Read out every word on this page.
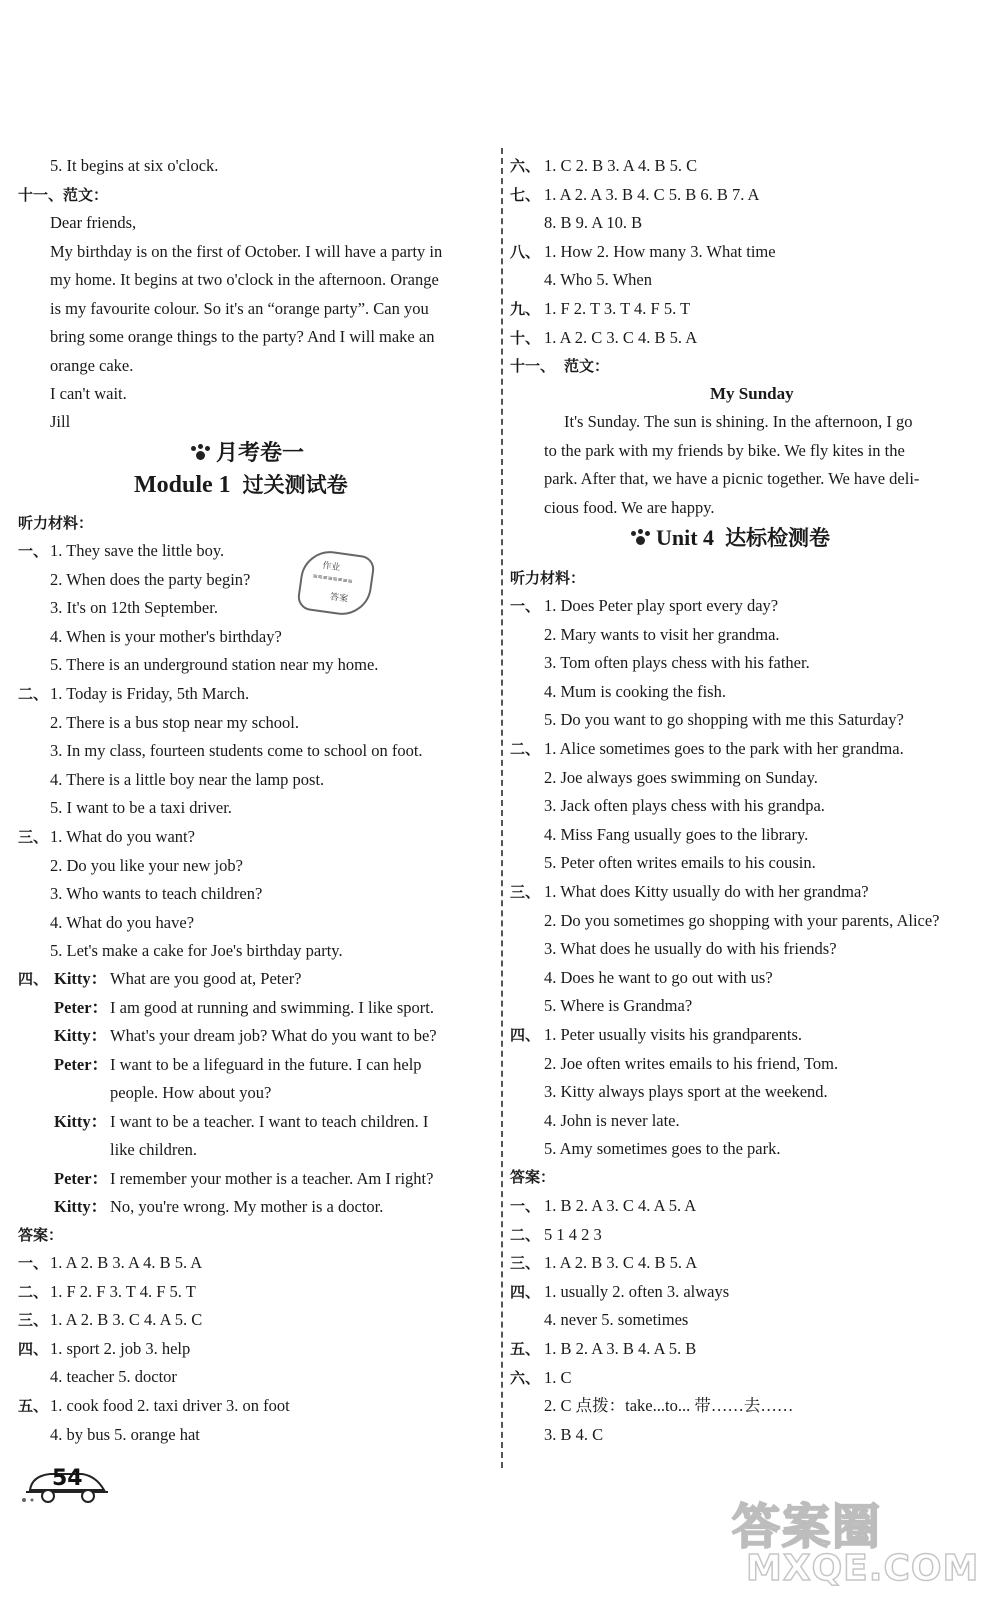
5. It begins at six o'clock.
十一、范文：
Dear friends,
My birthday is on the first of October. I will have a party in
my home. It begins at two o'clock in the afternoon. Orange
is my favourite colour. So it's an “orange party”. Can you
bring some orange things to the party? And I will make an
orange cake.
I can't wait.
Jill
月考卷一
Module 1 过关测试卷
听力材料：
一、 1. They save the little boy.
2. When does the party begin?
3. It's on 12th September.
4. When is your mother's birthday?
5. There is an underground station near my home.
二、 1. Today is Friday, 5th March.
2. There is a bus stop near my school.
3. In my class, fourteen students come to school on foot.
4. There is a little boy near the lamp post.
5. I want to be a taxi driver.
三、 1. What do you want?
2. Do you like your new job?
3. Who wants to teach children?
4. What do you have?
5. Let's make a cake for Joe's birthday party.
四、 Kitty： What are you good at, Peter?
Peter： I am good at running and swimming. I like sport.
Kitty： What's your dream job? What do you want to be?
Peter： I want to be a lifeguard in the future. I can help
people. How about you?
Kitty： I want to be a teacher. I want to teach children. I
like children.
Peter： I remember your mother is a teacher. Am I right?
Kitty： No, you're wrong. My mother is a doctor.
答案：
一、 1. A 2. B 3. A 4. B 5. A
二、 1. F 2. F 3. T 4. F 5. T
三、 1. A 2. B 3. C 4. A 5. C
四、 1. sport 2. job 3. help
4. teacher 5. doctor
五、 1. cook food 2. taxi driver 3. on foot
4. by bus 5. orange hat
作业
答案
≡≡≡≡≡≡≡≡
54
六、 1. C 2. B 3. A 4. B 5. C
七、 1. A 2. A 3. B 4. C 5. B 6. B 7. A
8. B 9. A 10. B
八、 1. How 2. How many 3. What time
4. Who 5. When
九、 1. F 2. T 3. T 4. F 5. T
十、 1. A 2. C 3. C 4. B 5. A
十一、 范文：
My Sunday
It's Sunday. The sun is shining. In the afternoon, I go
to the park with my friends by bike. We fly kites in the
park. After that, we have a picnic together. We have deli-
cious food. We are happy.
Unit 4 达标检测卷
听力材料：
一、 1. Does Peter play sport every day?
2. Mary wants to visit her grandma.
3. Tom often plays chess with his father.
4. Mum is cooking the fish.
5. Do you want to go shopping with me this Saturday?
二、 1. Alice sometimes goes to the park with her grandma.
2. Joe always goes swimming on Sunday.
3. Jack often plays chess with his grandpa.
4. Miss Fang usually goes to the library.
5. Peter often writes emails to his cousin.
三、 1. What does Kitty usually do with her grandma?
2. Do you sometimes go shopping with your parents, Alice?
3. What does he usually do with his friends?
4. Does he want to go out with us?
5. Where is Grandma?
四、 1. Peter usually visits his grandparents.
2. Joe often writes emails to his friend, Tom.
3. Kitty always plays sport at the weekend.
4. John is never late.
5. Amy sometimes goes to the park.
答案：
一、 1. B 2. A 3. C 4. A 5. A
二、 5 1 4 2 3
三、 1. A 2. B 3. C 4. B 5. A
四、 1. usually 2. often 3. always
4. never 5. sometimes
五、 1. B 2. A 3. B 4. A 5. B
六、 1. C
2. C 点拨：take...to... 带……去……
3. B 4. C
答案圈
MXQE.COM
